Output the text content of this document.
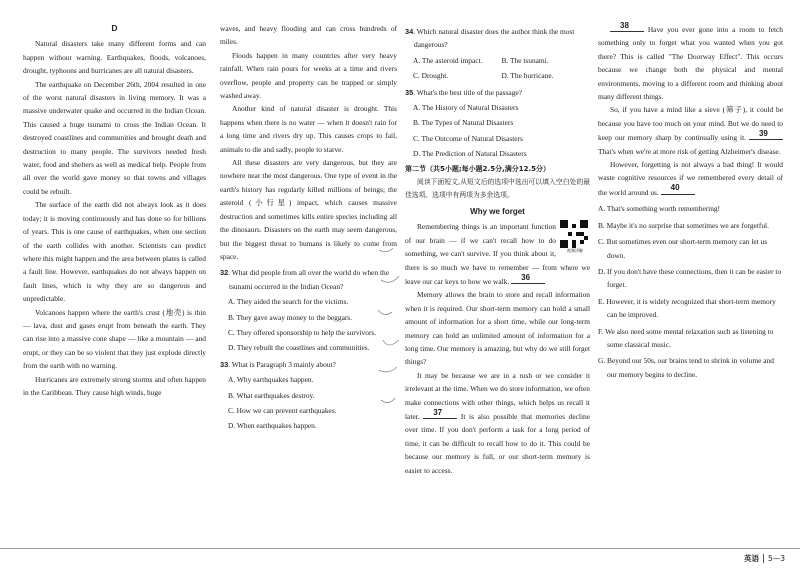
D

Natural disasters take many different forms and can happen without warning. Earthquakes, floods, volcanoes, drought, typhoons and hurricanes are all natural disasters.

The earthquake on December 26th, 2004 resulted in one of the worst natural disasters in living memory. It was a massive underwater quake and occurred in the Indian Ocean. This caused a huge tsunami to cross the Indian Ocean. It destroyed coastlines and communities and brought death and destruction to many people. The survivors needed fresh water, food and shelters as well as medical help. People from all over the world gave money so that towns and villages could be rebuilt.

The surface of the earth did not always look as it does today; it is moving continuously and has done so for billions of years. This is one cause of earthquakes, when one section of the earth collides with another. Scientists can predict where this might happen and the area between plates is called a fault line. However, earthquakes do not always happen on fault lines, which is why they are so dangerous and unpredictable.

Volcanoes happen where the earth's crust (地壳) is thin — lava, dust and gases erupt from beneath the earth. They can rise into a massive cone shape — like a mountain — and erupt, or they can be so violent that they just explode directly from the earth with no warning.

Hurricanes are extremely strong storms and often happen in the Caribbean. They cause high winds, huge

waves, and heavy flooding and can cross hundreds of miles.

Floods happen in many countries after very heavy rainfall. When rain pours for weeks at a time and rivers overflow, people and property can be trapped or simply washed away.

Another kind of natural disaster is drought. This happens when there is no water — when it doesn't rain for a long time and rivers dry up. This causes crops to fail, animals to die and sadly, people to starve.

All these disasters are very dangerous, but they are nowhere near the most dangerous. One type of event in the earth's history has regularly killed millions of beings; the asteroid (小行星) impact, which causes massive destruction and sometimes kills entire species including all the dinosaurs. Disasters on the earth may seem dangerous, but the biggest threat to humans is likely to come from space.

32. What did people from all over the world do when the tsunami occurred in the Indian Ocean?
A. They aided the search for the victims.
B. They gave away money to the beggars.
C. They offered sponsorship to help the survivors.
D. They rebuilt the coastlines and communities.
33. What is Paragraph 3 mainly about?
A. Why earthquakes happen.
B. What earthquakes destroy.
C. How we can prevent earthquakes.
D. When earthquakes happen.
34. Which natural disaster does the author think the most dangerous?
A. The asteroid impact.	B. The tsunami.
C. Drought.	D. The hurricane.
35. What's the best title of the passage?
A. The History of Natural Disasters
B. The Types of Natural Disasters
C. The Outcome of Natural Disasters
D. The Prediction of Natural Disasters
第二节（共5小题;每小题2.5分,满分12.5分）

阅读下面短文,从短文后的选项中选出可以填入空白处的最佳选项。选项中有两项为多余选项。

Why we forget
视频讲解

Remembering things is an important function of our brain — if we can't recall how to do something, we can't survive. If you think about it, there is so much we have to remember — from where we leave our car keys to how we walk.	36

Memory allows the brain to store and recall information when it is required. Our short-term memory can hold a small amount of information for a short time, while our long-term memory can hold an unlimited amount of information for a long time. Our memory is amazing, but why do we still forget things?

It may be because we are in a rush or we consider it irrelevant at the time. When we do store information, we often make connections with other things, which helps us recall it later.	37	It is also possible that memories decline over time. If you don't perform a task for a long period of time, it can be difficult to recall how to do it. This could be because our memory is full, or our short-term memory is easier to access.

38	Have you ever gone into a room to fetch something only to forget what you wanted when you got there? This is called "The Doorway Effect". This occurs because we change both the physical and mental environments, moving to a different room and thinking about many different things.

So, if you have a mind like a sieve (筛子), it could be because you have too much on your mind. But we do need to keep our memory sharp by continually using it.	39
That's when we're at more risk of getting Alzheimer's disease.

However, forgetting is not always a bad thing! It would waste cognitive resources if we remembered every detail of the world around us.	40

A. That's something worth remembering!
B. Maybe it's no surprise that sometimes we are forgetful.
C. But sometimes even our short-term memory can let us down.
D. If you don't have these connections, then it can be easier to forget.
E. However, it is widely recognized that short-term memory can be improved.
F. We also need some mental relaxation such as listening to some classical music.
G. Beyond our 50s, our brains tend to shrink in volume and our memory begins to decline.
英语 5—3
